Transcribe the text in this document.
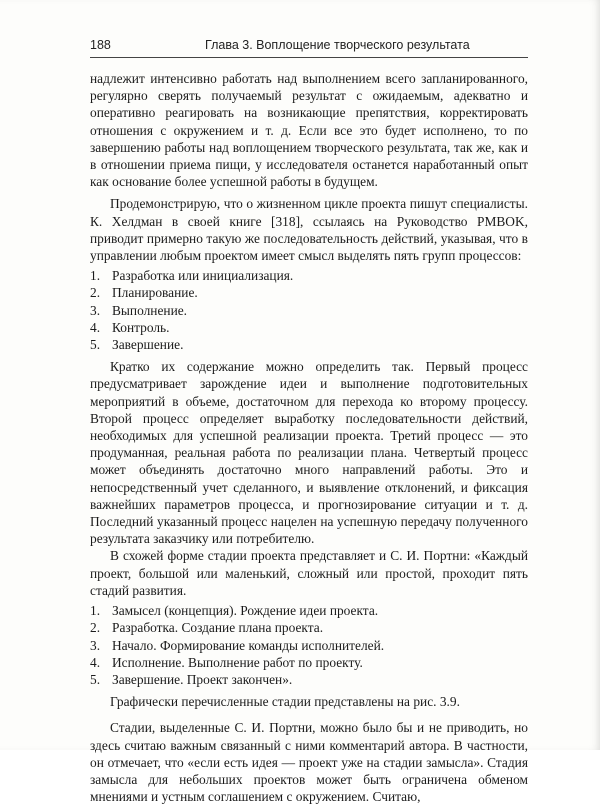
188	Глава 3. Воплощение творческого результата

надлежит интенсивно работать над выполнением всего запланированного, регулярно сверять получаемый результат с ожидаемым, адекватно и оперативно реагировать на возникающие препятствия, корректировать отношения с окружением и т. д. Если все это будет исполнено, то по завершению работы над воплощением творческого результата, так же, как и в отношении приема пищи, у исследователя останется наработанный опыт как основание более успешной работы в будущем.

Продемонстрирую, что о жизненном цикле проекта пишут специалисты. К. Хелдман в своей книге [318], ссылаясь на Руководство PMBOK, приводит примерно такую же последовательность действий, указывая, что в управлении любым проектом имеет смысл выделять пять групп процессов:

1. Разработка или инициализация.
2. Планирование.
3. Выполнение.
4. Контроль.
5. Завершение.

Кратко их содержание можно определить так. Первый процесс предусматривает зарождение идеи и выполнение подготовительных мероприятий в объеме, достаточном для перехода ко второму процессу. Второй процесс определяет выработку последовательности действий, необходимых для успешной реализации проекта. Третий процесс — это продуманная, реальная работа по реализации плана. Четвертый процесс может объединять достаточно много направлений работы. Это и непосредственный учет сделанного, и выявление отклонений, и фиксация важнейших параметров процесса, и прогнозирование ситуации и т. д. Последний указанный процесс нацелен на успешную передачу полученного результата заказчику или потребителю.

В схожей форме стадии проекта представляет и С. И. Портни: «Каждый проект, большой или маленький, сложный или простой, проходит пять стадий развития.

1. Замысел (концепция). Рождение идеи проекта.
2. Разработка. Создание плана проекта.
3. Начало. Формирование команды исполнителей.
4. Исполнение. Выполнение работ по проекту.
5. Завершение. Проект закончен».

Графически перечисленные стадии представлены на рис. 3.9.

Стадии, выделенные С. И. Портни, можно было бы и не приводить, но здесь считаю важным связанный с ними комментарий автора. В частности, он отмечает, что «если есть идея — проект уже на стадии замысла». Стадия замысла для небольших проектов может быть ограничена обменом мнениями и устным соглашением с окружением. Считаю,
